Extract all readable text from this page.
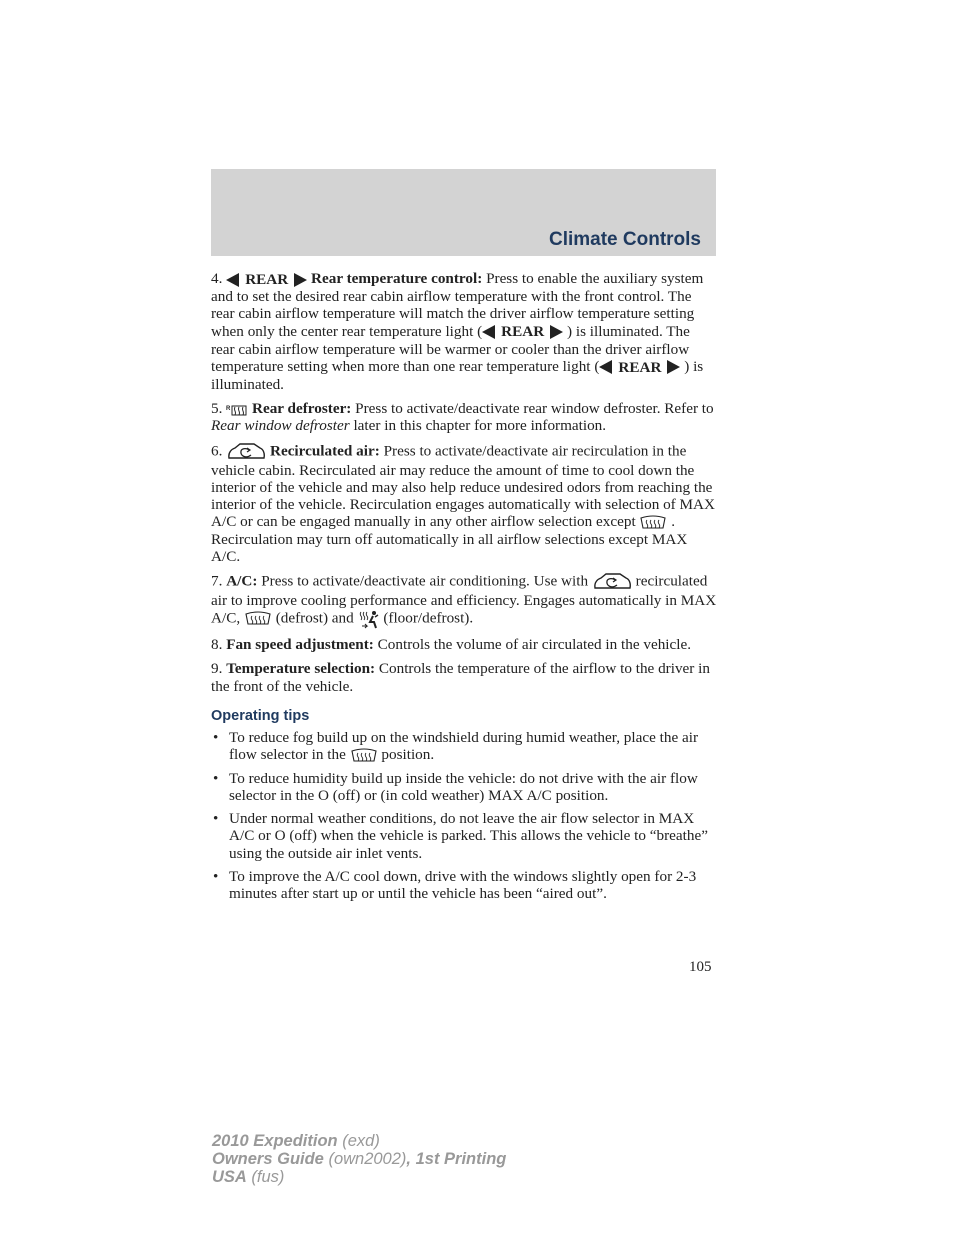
Climate Controls

4. REAR Rear temperature control: Press to enable the auxiliary system and to set the desired rear cabin airflow temperature with the front control. The rear cabin airflow temperature will match the driver airflow temperature setting when only the center rear temperature light ( REAR ) is illuminated. The rear cabin airflow temperature will be warmer or cooler than the driver airflow temperature setting when more than one rear temperature light ( REAR ) is illuminated.

5. R Rear defroster: Press to activate/deactivate rear window defroster. Refer to Rear window defroster later in this chapter for more information.

6.	Recirculated air: Press to activate/deactivate air recirculation in the vehicle cabin. Recirculated air may reduce the amount of time to cool down the interior of the vehicle and may also help reduce undesired odors from reaching the interior of the vehicle. Recirculation engages automatically with selection of MAX A/C or can be engaged manually in any other airflow selection except  . Recirculation may turn off automatically in all airflow selections except MAX A/C.

7. A/C: Press to activate/deactivate air conditioning. Use with	recirculated air to improve cooling performance and efficiency. Engages automatically in MAX A/C,  (defrost) and  (floor/defrost).

8. Fan speed adjustment: Controls the volume of air circulated in the vehicle.

9. Temperature selection: Controls the temperature of the airflow to the driver in the front of the vehicle.

Operating tips
• To reduce fog build up on the windshield during humid weather, place the air flow selector in the  position.
• To reduce humidity build up inside the vehicle: do not drive with the air flow selector in the O (off) or (in cold weather) MAX A/C position.
• Under normal weather conditions, do not leave the air flow selector in MAX A/C or O (off) when the vehicle is parked. This allows the vehicle to “breathe” using the outside air inlet vents.
• To improve the A/C cool down, drive with the windows slightly open for 2-3 minutes after start up or until the vehicle has been “aired out”.
105
2010 Expedition (exd)
Owners Guide (own2002), 1st Printing
USA (fus)
